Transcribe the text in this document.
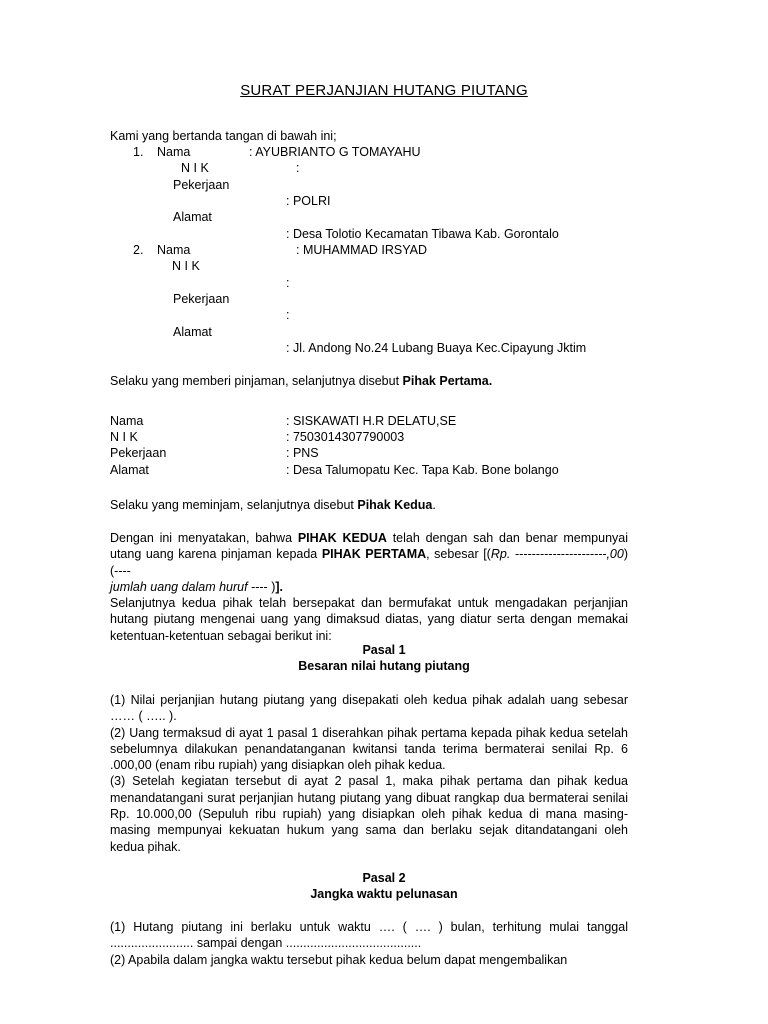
SURAT PERJANJIAN HUTANG PIUTANG
Kami yang bertanda tangan di bawah ini;
1. Nama	: AYUBRIANTO G TOMAYAHU
N I K	:
Pekerjaan
: POLRI
Alamat
: Desa Tolotio Kecamatan Tibawa Kab. Gorontalo
2. Nama	: MUHAMMAD IRSYAD
N I K
:
Pekerjaan
:
Alamat
: Jl. Andong No.24 Lubang Buaya Kec.Cipayung Jktim
Selaku yang memberi pinjaman, selanjutnya disebut Pihak Pertama.
Nama	: SISKAWATI H.R DELATU,SE
N I K	: 7503014307790003
Pekerjaan	: PNS
Alamat	: Desa Talumopatu Kec. Tapa Kab. Bone bolango
Selaku yang meminjam, selanjutnya disebut Pihak Kedua.

Dengan ini menyatakan, bahwa PIHAK KEDUA telah dengan sah dan benar mempunyai utang uang karena pinjaman kepada PIHAK PERTAMA, sebesar [(Rp. ----------------------,00) (----
jumlah uang dalam huruf ---- )].

Selanjutnya kedua pihak telah bersepakat dan bermufakat untuk mengadakan perjanjian hutang piutang mengenai uang yang dimaksud diatas, yang diatur serta dengan memakai ketentuan-ketentuan sebagai berikut ini:

Pasal 1
Besaran nilai hutang piutang

(1) Nilai perjanjian hutang piutang yang disepakati oleh kedua pihak adalah uang sebesar …… ( ….. ).

(2) Uang termaksud di ayat 1 pasal 1 diserahkan pihak pertama kepada pihak kedua setelah sebelumnya dilakukan penandatanganan kwitansi tanda terima bermaterai senilai Rp. 6 .000,00 (enam ribu rupiah) yang disiapkan oleh pihak kedua.

(3) Setelah kegiatan tersebut di ayat 2 pasal 1, maka pihak pertama dan pihak kedua menandatangani surat perjanjian hutang piutang yang dibuat rangkap dua bermaterai senilai Rp. 10.000,00 (Sepuluh ribu rupiah) yang disiapkan oleh pihak kedua di mana masing-masing mempunyai kekuatan hukum yang sama dan berlaku sejak ditandatangani oleh kedua pihak.

Pasal 2
Jangka waktu pelunasan

(1) Hutang piutang ini berlaku untuk waktu …. ( …. ) bulan, terhitung mulai tanggal ........................ sampai dengan .......................................

(2) Apabila dalam jangka waktu tersebut pihak kedua belum dapat mengembalikan
